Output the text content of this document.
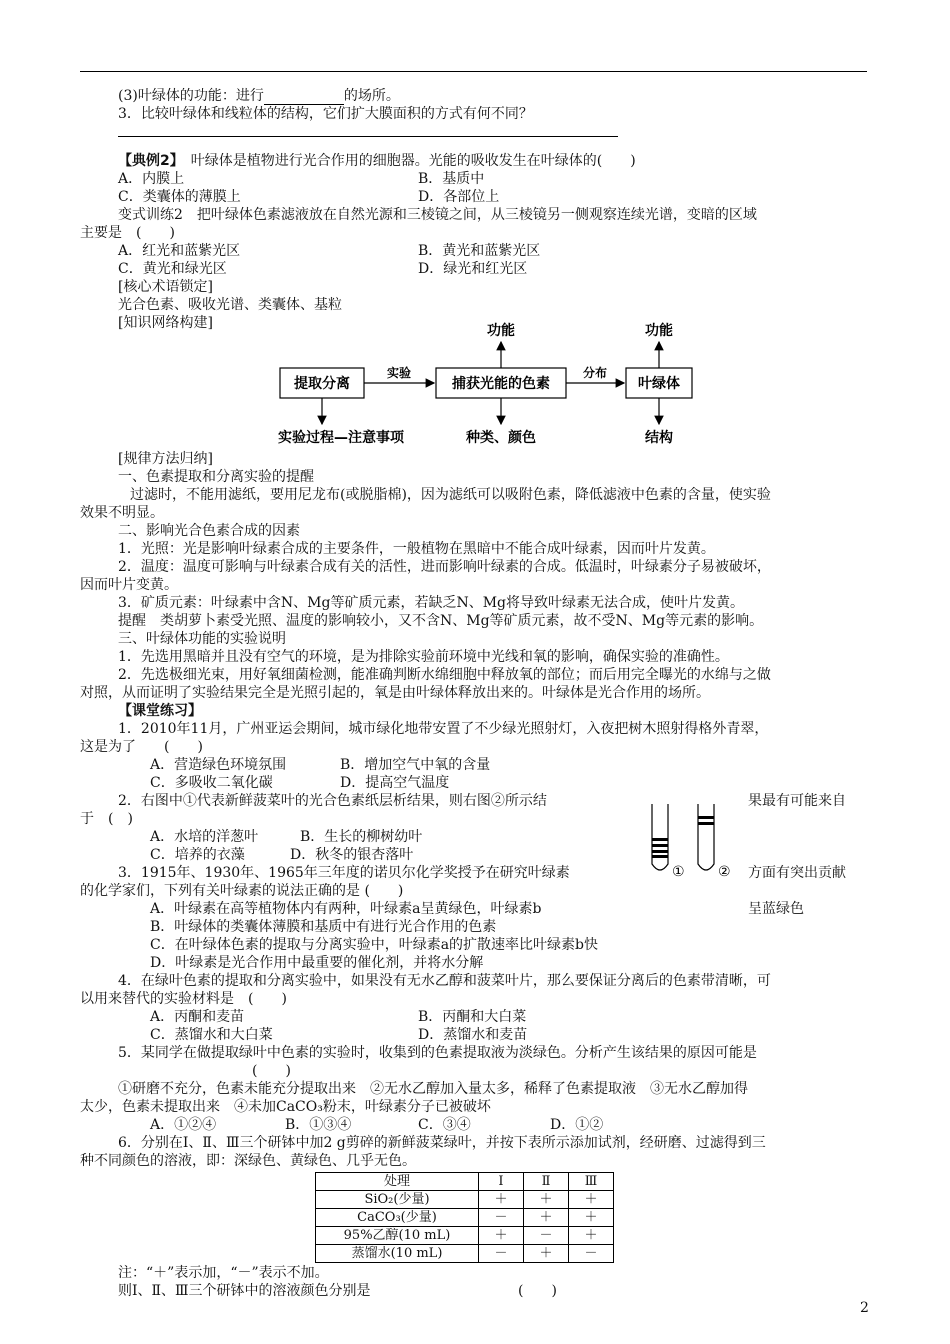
(3)叶绿体的功能：进行	的场所。
3．比较叶绿体和线粒体的结构，它们扩大膜面积的方式有何不同？
【典例2】　 叶绿体是植物进行光合作用的细胞器。光能的吸收发生在叶绿体的(　　)
A．内膜上	B．基质中
C．类囊体的薄膜上	D．各部位上
变式训练2　把叶绿体色素滤液放在自然光源和三棱镜之间，从三棱镜另一侧观察连续光谱，变暗的区域
主要是　(　　)
A．红光和蓝紫光区	B．黄光和蓝紫光区
C．黄光和绿光区	D．绿光和红光区
[核心术语锁定]
光合色素、吸收光谱、类囊体、基粒
[知识网络构建]
提取分离	捕获光能的色素	叶绿体
实验	分布
功能	功能
实验过程—注意事项	种类、颜色	结构
[规律方法归纳]
一、色素提取和分离实验的提醒
过滤时，不能用滤纸，要用尼龙布(或脱脂棉)，因为滤纸可以吸附色素，降低滤液中色素的含量，使实验
效果不明显。
二、影响光合色素合成的因素
1．光照：光是影响叶绿素合成的主要条件，一般植物在黑暗中不能合成叶绿素，因而叶片发黄。
2．温度：温度可影响与叶绿素合成有关的活性，进而影响叶绿素的合成。低温时，叶绿素分子易被破坏，
因而叶片变黄。
3．矿质元素：叶绿素中含N、Mg等矿质元素，若缺乏N、Mg将导致叶绿素无法合成，使叶片发黄。
提醒　类胡萝卜素受光照、温度的影响较小，又不含N、Mg等矿质元素，故不受N、Mg等元素的影响。
三、叶绿体功能的实验说明
1．先选用黑暗并且没有空气的环境，是为排除实验前环境中光线和氧的影响，确保实验的准确性。
2．先选极细光束，用好氧细菌检测，能准确判断水绵细胞中释放氧的部位；而后用完全曝光的水绵与之做
对照，从而证明了实验结果完全是光照引起的，氧是由叶绿体释放出来的。叶绿体是光合作用的场所。
【课堂练习】
1．2010年11月，广州亚运会期间，城市绿化地带安置了不少绿光照射灯，入夜把树木照射得格外青翠，
这是为了　　(　　)
A．营造绿色环境氛围	B．增加空气中氧的含量
C．多吸收二氧化碳	D．提高空气温度
2．右图中①代表新鲜菠菜叶的光合色素纸层析结果，则右图②所示结	果最有可能来自
于　(　)
A．水培的洋葱叶	B．生长的柳树幼叶
C．培养的衣藻	D．秋冬的银杏落叶
① ②
3．1915年、1930年、1965年三年度的诺贝尔化学奖授予在研究叶绿素	方面有突出贡献
的化学家们，下列有关叶绿素的说法正确的是 (　　)
A．叶绿素在高等植物体内有两种，叶绿素a呈黄绿色，叶绿素b	呈蓝绿色
B．叶绿体的类囊体薄膜和基质中有进行光合作用的色素
C．在叶绿体色素的提取与分离实验中，叶绿素a的扩散速率比叶绿素b快
D．叶绿素是光合作用中最重要的催化剂，并将水分解
4．在绿叶色素的提取和分离实验中，如果没有无水乙醇和菠菜叶片，那么要保证分离后的色素带清晰，可
以用来替代的实验材料是　(　　)
A．丙酮和麦苗	B．丙酮和大白菜
C．蒸馏水和大白菜	D．蒸馏水和麦苗
5．某同学在做提取绿叶中色素的实验时，收集到的色素提取液为淡绿色。分析产生该结果的原因可能是
(　　)
①研磨不充分，色素未能充分提取出来　②无水乙醇加入量太多，稀释了色素提取液　③无水乙醇加得
太少，色素未提取出来　④未加CaCO₃粉末，叶绿素分子已被破坏
A．①②④	B．①③④	C．③④	D．①②
6．分别在Ⅰ、Ⅱ、Ⅲ三个研钵中加2 g剪碎的新鲜菠菜绿叶，并按下表所示添加试剂，经研磨、过滤得到三
种不同颜色的溶液，即：深绿色、黄绿色、几乎无色。
处理	Ⅰ	Ⅱ	Ⅲ
SiO₂(少量)	＋	＋	＋
CaCO₃(少量)	－	＋	＋
95%乙醇(10 mL)	＋	－	＋
蒸馏水(10 mL)	－	＋	－
注：“＋”表示加，“－”表示不加。
则Ⅰ、Ⅱ、Ⅲ三个研钵中的溶液颜色分别是	(　　)
2
